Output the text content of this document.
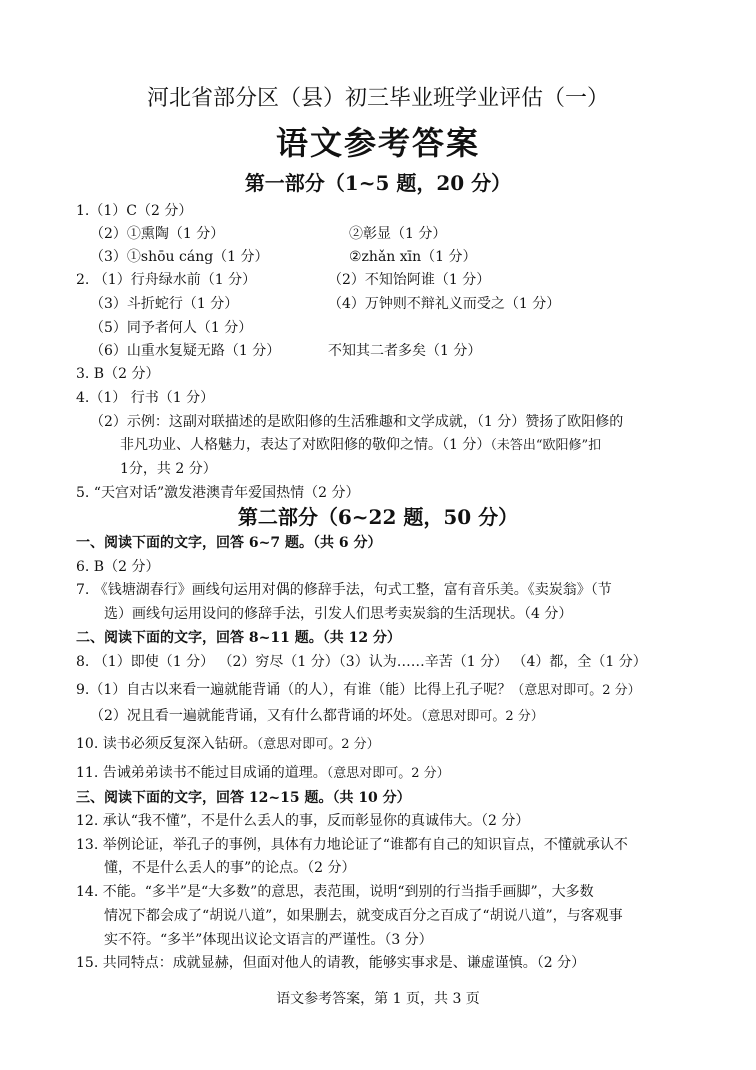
河北省部分区（县）初三毕业班学业评估（一）
语文参考答案
第一部分（1~5 题，20 分）
1.（1）C（2 分）
（2）①熏陶（1 分）	②彰显（1 分）
（3）①shōu cáng（1 分）	②zhǎn xīn（1 分）
2. （1）行舟绿水前（1 分）	（2）不知饴阿谁（1 分）
（3）斗折蛇行（1 分）	（4）万钟则不辩礼义而受之（1 分）
（5）同予者何人（1 分）
（6）山重水复疑无路（1 分）	不知其二者多矣（1 分）
3. B（2 分）
4.（1） 行书（1 分）
（2）示例：这副对联描述的是欧阳修的生活雅趣和文学成就，（1 分）赞扬了欧阳修的
非凡功业、人格魅力，表达了对欧阳修的敬仰之情。（1 分）（未答出“欧阳修”扣
1分，共 2 分）
5. “天宫对话”激发港澳青年爱国热情（2 分）
第二部分（6~22 题，50 分）
一、阅读下面的文字，回答 6~7 题。（共 6 分）
6. B（2 分）
7. 《钱塘湖春行》画线句运用对偶的修辞手法，句式工整，富有音乐美。《卖炭翁》（节
选）画线句运用设问的修辞手法，引发人们思考卖炭翁的生活现状。（4 分）
二、阅读下面的文字，回答 8~11 题。（共 12 分）
8. （1）即使（1 分） （2）穷尽（1 分）（3）认为……辛苦（1 分） （4）都，全（1 分）
9.（1）自古以来看一遍就能背诵（的人），有谁（能）比得上孔子呢？（意思对即可。2 分）
（2）况且看一遍就能背诵，又有什么都背诵的坏处。（意思对即可。2 分）
10. 读书必须反复深入钻研。（意思对即可。2 分）
11. 告诫弟弟读书不能过目成诵的道理。（意思对即可。2 分）
三、阅读下面的文字，回答 12~15 题。（共 10 分）
12. 承认“我不懂”，不是什么丢人的事，反而彰显你的真诚伟大。（2 分）
13. 举例论证，举孔子的事例，具体有力地论证了“谁都有自己的知识盲点，不懂就承认不
懂，不是什么丢人的事”的论点。（2 分）
14. 不能。“多半”是“大多数”的意思，表范围，说明“到别的行当指手画脚”，大多数
情况下都会成了“胡说八道”，如果删去，就变成百分之百成了“胡说八道”，与客观事
实不符。“多半”体现出议论文语言的严谨性。（3 分）
15. 共同特点：成就显赫，但面对他人的请教，能够实事求是、谦虚谨慎。（2 分）
语文参考答案，第 1 页，共 3 页
